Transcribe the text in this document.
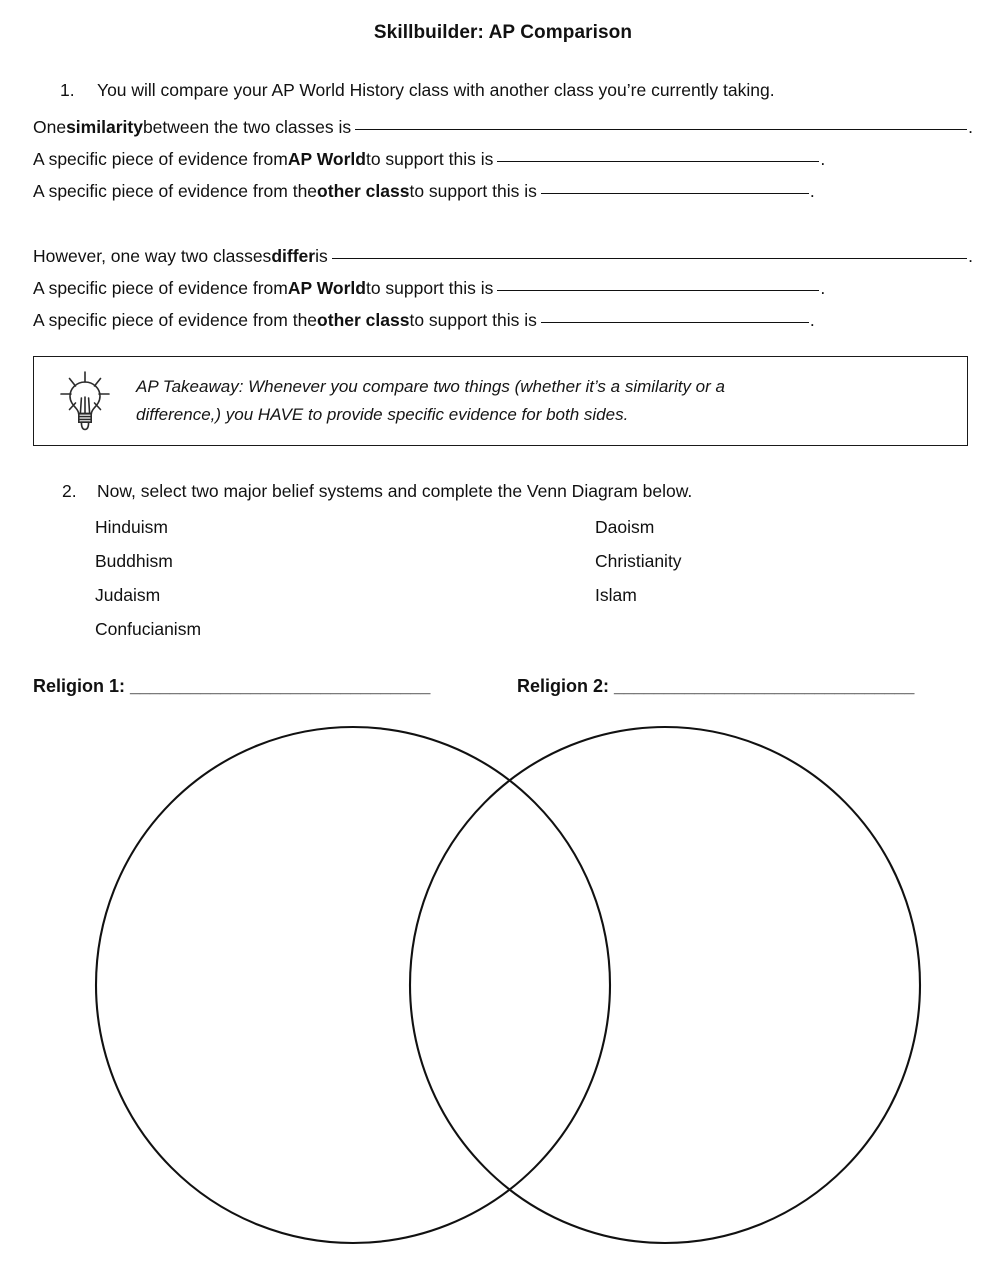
Skillbuilder: AP Comparison
1.	You will compare your AP World History class with another class you’re currently taking.
One similarity between the two classes is	.
A specific piece of evidence from AP World to support this is	.
A specific piece of evidence from the other class to support this is	.
However, one way two classes differ is	.
A specific piece of evidence from AP World to support this is	.
A specific piece of evidence from the other class to support this is	.
AP Takeaway: Whenever you compare two things (whether it’s a similarity or a
difference,) you HAVE to provide specific evidence for both sides.
2.	Now, select two major belief systems and complete the Venn Diagram below.
Hinduism	Daoism
Buddhism	Christianity
Judaism	Islam
Confucianism
Religion 1: ______________________________	Religion 2: ______________________________
